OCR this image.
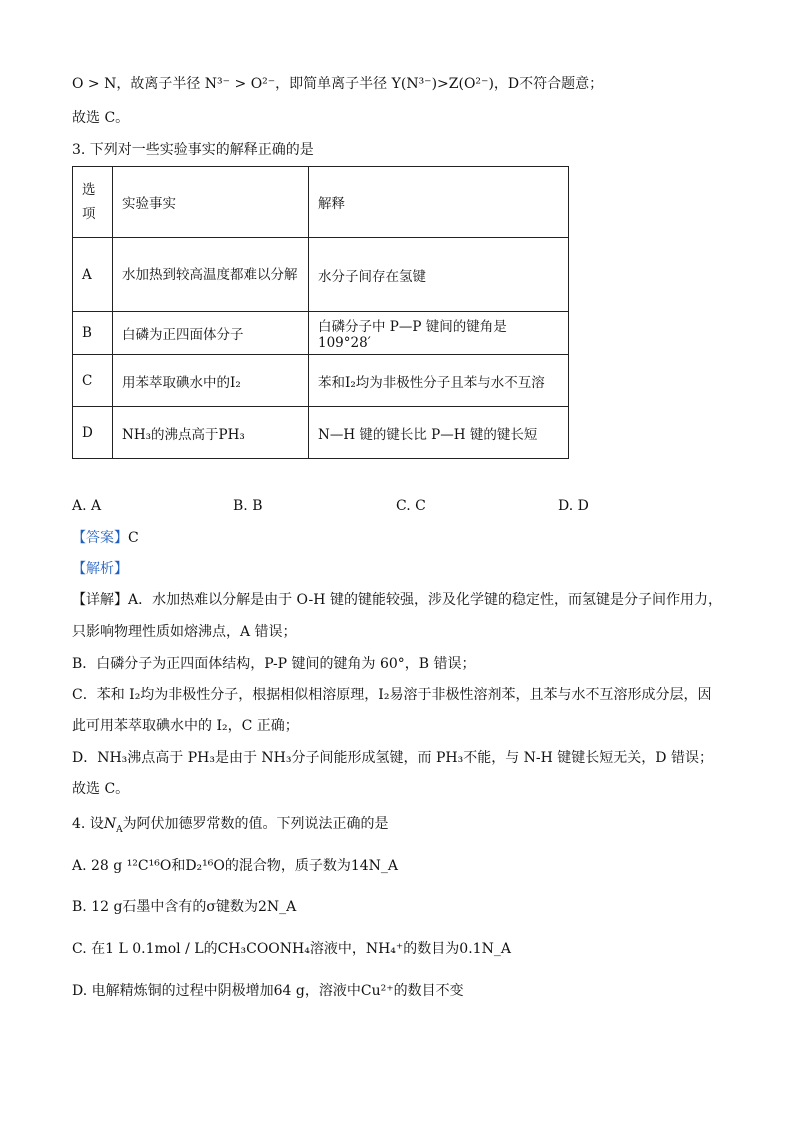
O > N，故离子半径 N³⁻ > O²⁻，即简单离子半径 Y(N³⁻)>Z(O²⁻)，D不符合题意；
故选 C。
3. 下列对一些实验事实的解释正确的是
选项	实验事实	解释
A	水加热到较高温度都难以分解	水分子间存在氢键
B	白磷为正四面体分子	白磷分子中 P—P 键间的键角是 109°28′
C	用苯萃取碘水中的I₂	苯和I₂均为非极性分子且苯与水不互溶
D	NH₃的沸点高于PH₃	N—H 键的键长比 P—H 键的键长短
A. A	B. B	C. C	D. D
【答案】C
【解析】
【详解】A．水加热难以分解是由于 O-H 键的键能较强，涉及化学键的稳定性，而氢键是分子间作用力，
只影响物理性质如熔沸点，A 错误；
B．白磷分子为正四面体结构，P-P 键间的键角为 60°，B 错误；
C．苯和 I₂均为非极性分子，根据相似相溶原理，I₂易溶于非极性溶剂苯，且苯与水不互溶形成分层，因
此可用苯萃取碘水中的 I₂，C 正确；
D．NH₃沸点高于 PH₃是由于 NH₃分子间能形成氢键，而 PH₃不能，与 N-H 键键长短无关，D 错误；
故选 C。
4. 设$N_A$为阿伏加德罗常数的值。下列说法正确的是
A. 28 g ¹²C¹⁶O和D₂¹⁶O的混合物，质子数为14N_A
B. 12 g石墨中含有的σ键数为2N_A
C. 在1 L 0.1mol / L的CH₃COONH₄溶液中，NH₄⁺的数目为0.1N_A
D. 电解精炼铜的过程中阴极增加64 g，溶液中Cu²⁺的数目不变
